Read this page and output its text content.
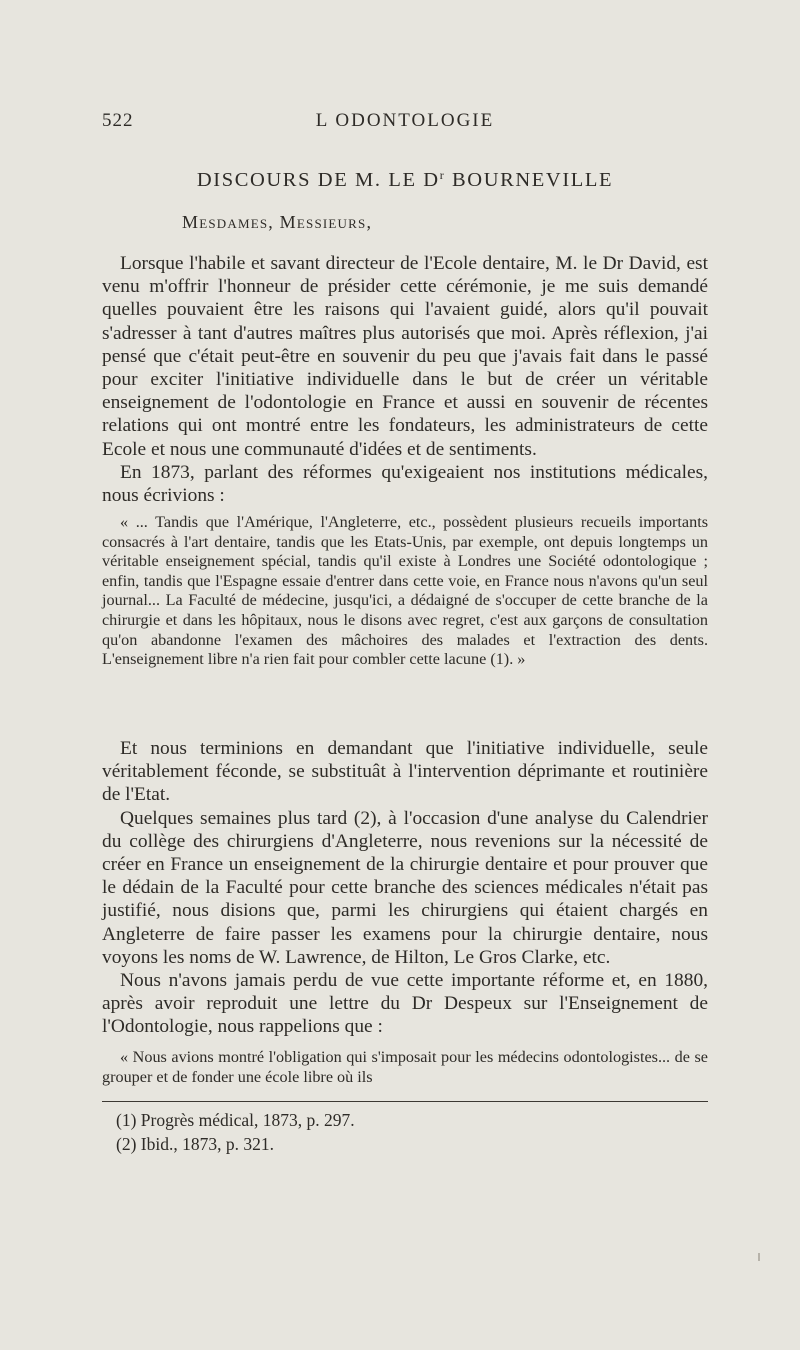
522	L ODONTOLOGIE
DISCOURS DE M. LE $D^r$ BOURNEVILLE
Mesdames, Messieurs,

Lorsque l'habile et savant directeur de l'Ecole dentaire, M. le Dr David, est venu m'offrir l'honneur de présider cette cérémonie, je me suis demandé quelles pouvaient être les raisons qui l'avaient guidé, alors qu'il pouvait s'adresser à tant d'autres maîtres plus autorisés que moi. Après réflexion, j'ai pensé que c'était peut-être en souvenir du peu que j'avais fait dans le passé pour exciter l'initiative individuelle dans le but de créer un véritable enseignement de l'odontologie en France et aussi en souvenir de récentes relations qui ont montré entre les fondateurs, les administrateurs de cette Ecole et nous une communauté d'idées et de sentiments.

En 1873, parlant des réformes qu'exigeaient nos institutions médicales, nous écrivions :

« ... Tandis que l'Amérique, l'Angleterre, etc., possèdent plusieurs recueils importants consacrés à l'art dentaire, tandis que les Etats-Unis, par exemple, ont depuis longtemps un véritable enseignement spécial, tandis qu'il existe à Londres une Société odontologique ; enfin, tandis que l'Espagne essaie d'entrer dans cette voie, en France nous n'avons qu'un seul journal... La Faculté de médecine, jusqu'ici, a dédaigné de s'occuper de cette branche de la chirurgie et dans les hôpitaux, nous le disons avec regret, c'est aux garçons de consultation qu'on abandonne l'examen des mâchoires des malades et l'extraction des dents. L'enseignement libre n'a rien fait pour combler cette lacune (1). »

Et nous terminions en demandant que l'initiative individuelle, seule véritablement féconde, se substituât à l'intervention déprimante et routinière de l'Etat.

Quelques semaines plus tard (2), à l'occasion d'une analyse du Calendrier du collège des chirurgiens d'Angleterre, nous revenions sur la nécessité de créer en France un enseignement de la chirurgie dentaire et pour prouver que le dédain de la Faculté pour cette branche des sciences médicales n'était pas justifié, nous disions que, parmi les chirurgiens qui étaient chargés en Angleterre de faire passer les examens pour la chirurgie dentaire, nous voyons les noms de W. Lawrence, de Hilton, Le Gros Clarke, etc.

Nous n'avons jamais perdu de vue cette importante réforme et, en 1880, après avoir reproduit une lettre du Dr Despeux sur l'Enseignement de l'Odontologie, nous rappelions que :

« Nous avions montré l'obligation qui s'imposait pour les médecins odontologistes... de se grouper et de fonder une école libre où ils

(1) Progrès médical, 1873, p. 297.
(2) Ibid., 1873, p. 321.
